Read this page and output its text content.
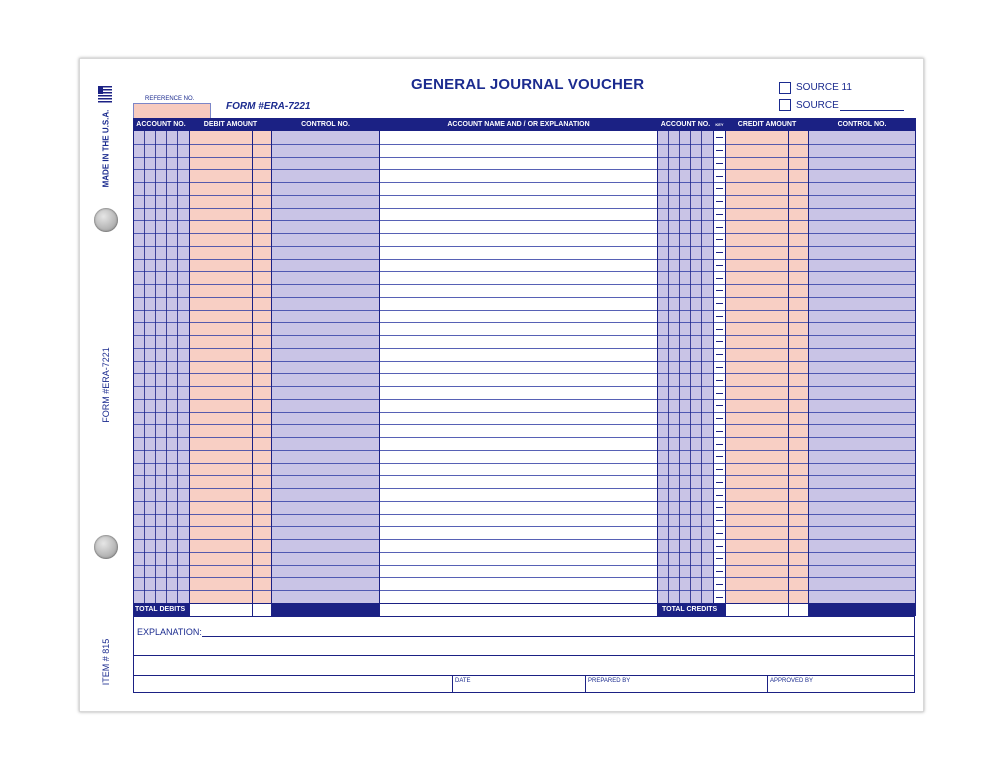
MADE IN THE U.S.A.
FORM #ERA-7221
ITEM # 815
REFERENCE NO.
FORM #ERA-7221
GENERAL JOURNAL VOUCHER	SOURCE 11
SOURCE
ACCOUNT NO.	DEBIT AMOUNT	CONTROL NO.	ACCOUNT NAME AND / OR EXPLANATION	ACCOUNT NO.	KEY	CREDIT AMOUNT	CONTROL NO.
TOTAL DEBITS	TOTAL CREDITS
EXPLANATION:
DATE	PREPARED BY	APPROVED BY
